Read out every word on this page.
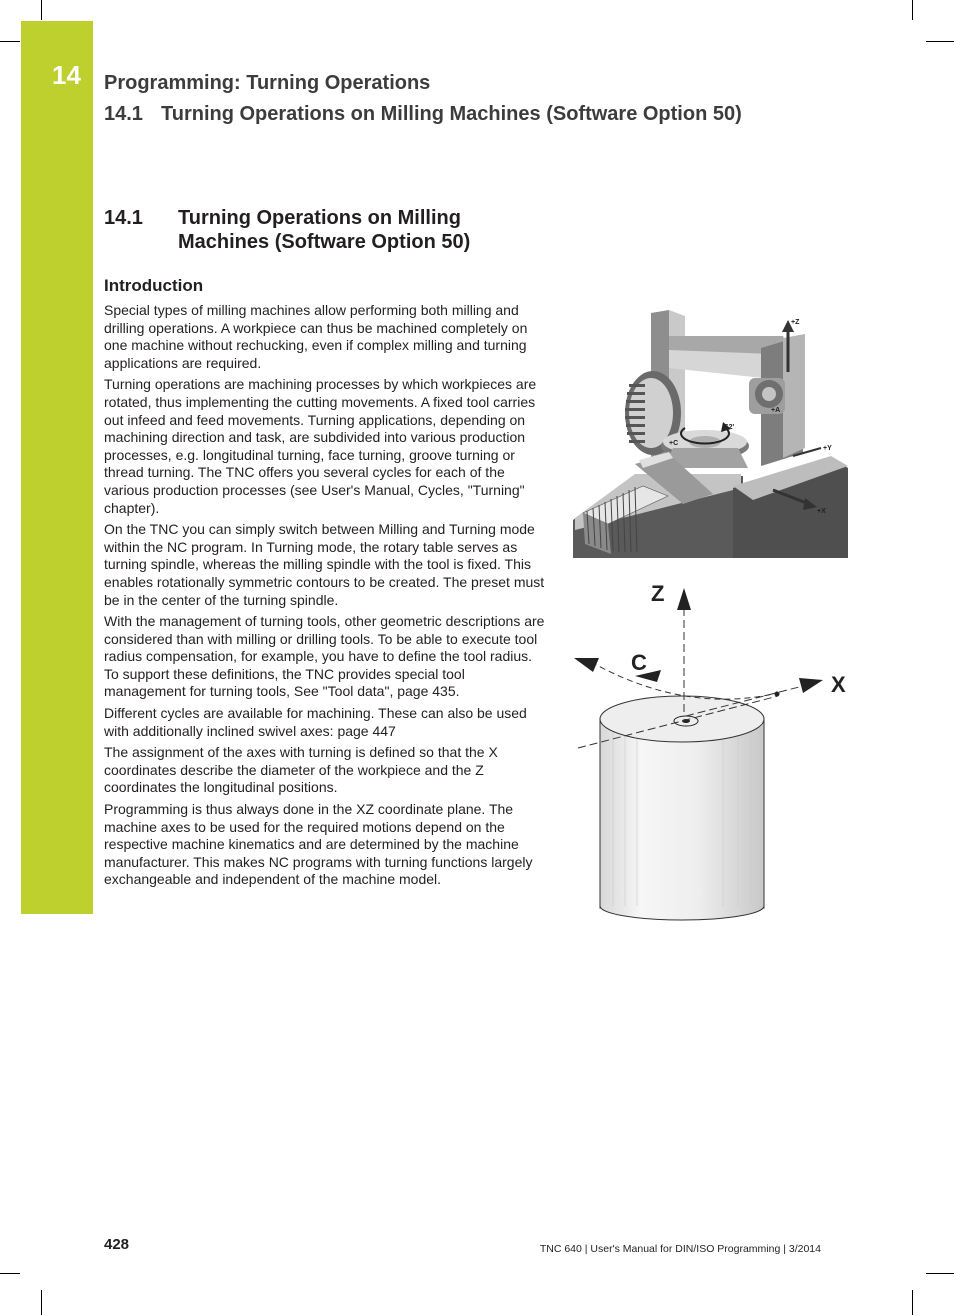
14 Programming: Turning Operations
14.1 Turning Operations on Milling Machines (Software Option 50)
14.1 Turning Operations on Milling Machines (Software Option 50)
Introduction

Special types of milling machines allow performing both milling and drilling operations. A workpiece can thus be machined completely on one machine without rechucking, even if complex milling and turning applications are required.

Turning operations are machining processes by which workpieces are rotated, thus implementing the cutting movements. A fixed tool carries out infeed and feed movements. Turning applications, depending on machining direction and task, are subdivided into various production processes, e.g. longitudinal turning, face turning, groove turning or thread turning. The TNC offers you several cycles for each of the various production processes (see User's Manual, Cycles, "Turning" chapter).

On the TNC you can simply switch between Milling and Turning mode within the NC program. In Turning mode, the rotary table serves as turning spindle, whereas the milling spindle with the tool is fixed. This enables rotationally symmetric contours to be created. The preset must be in the center of the turning spindle.

With the management of turning tools, other geometric descriptions are considered than with milling or drilling tools. To be able to execute tool radius compensation, for example, you have to define the tool radius. To support these definitions, the TNC provides special tool management for turning tools, See "Tool data", page 435.

Different cycles are available for machining. These can also be used with additionally inclined swivel axes: page 447

The assignment of the axes with turning is defined so that the X coordinates describe the diameter of the workpiece and the Z coordinates the longitudinal positions.

Programming is thus always done in the XZ coordinate plane. The machine axes to be used for the required motions depend on the respective machine kinematics and are determined by the machine manufacturer. This makes NC programs with turning functions largely exchangeable and independent of the machine model.

+Z
+A
+Y
+X
+C
S2'
Z
X
C
428	TNC 640 | User's Manual for DIN/ISO Programming | 3/2014
